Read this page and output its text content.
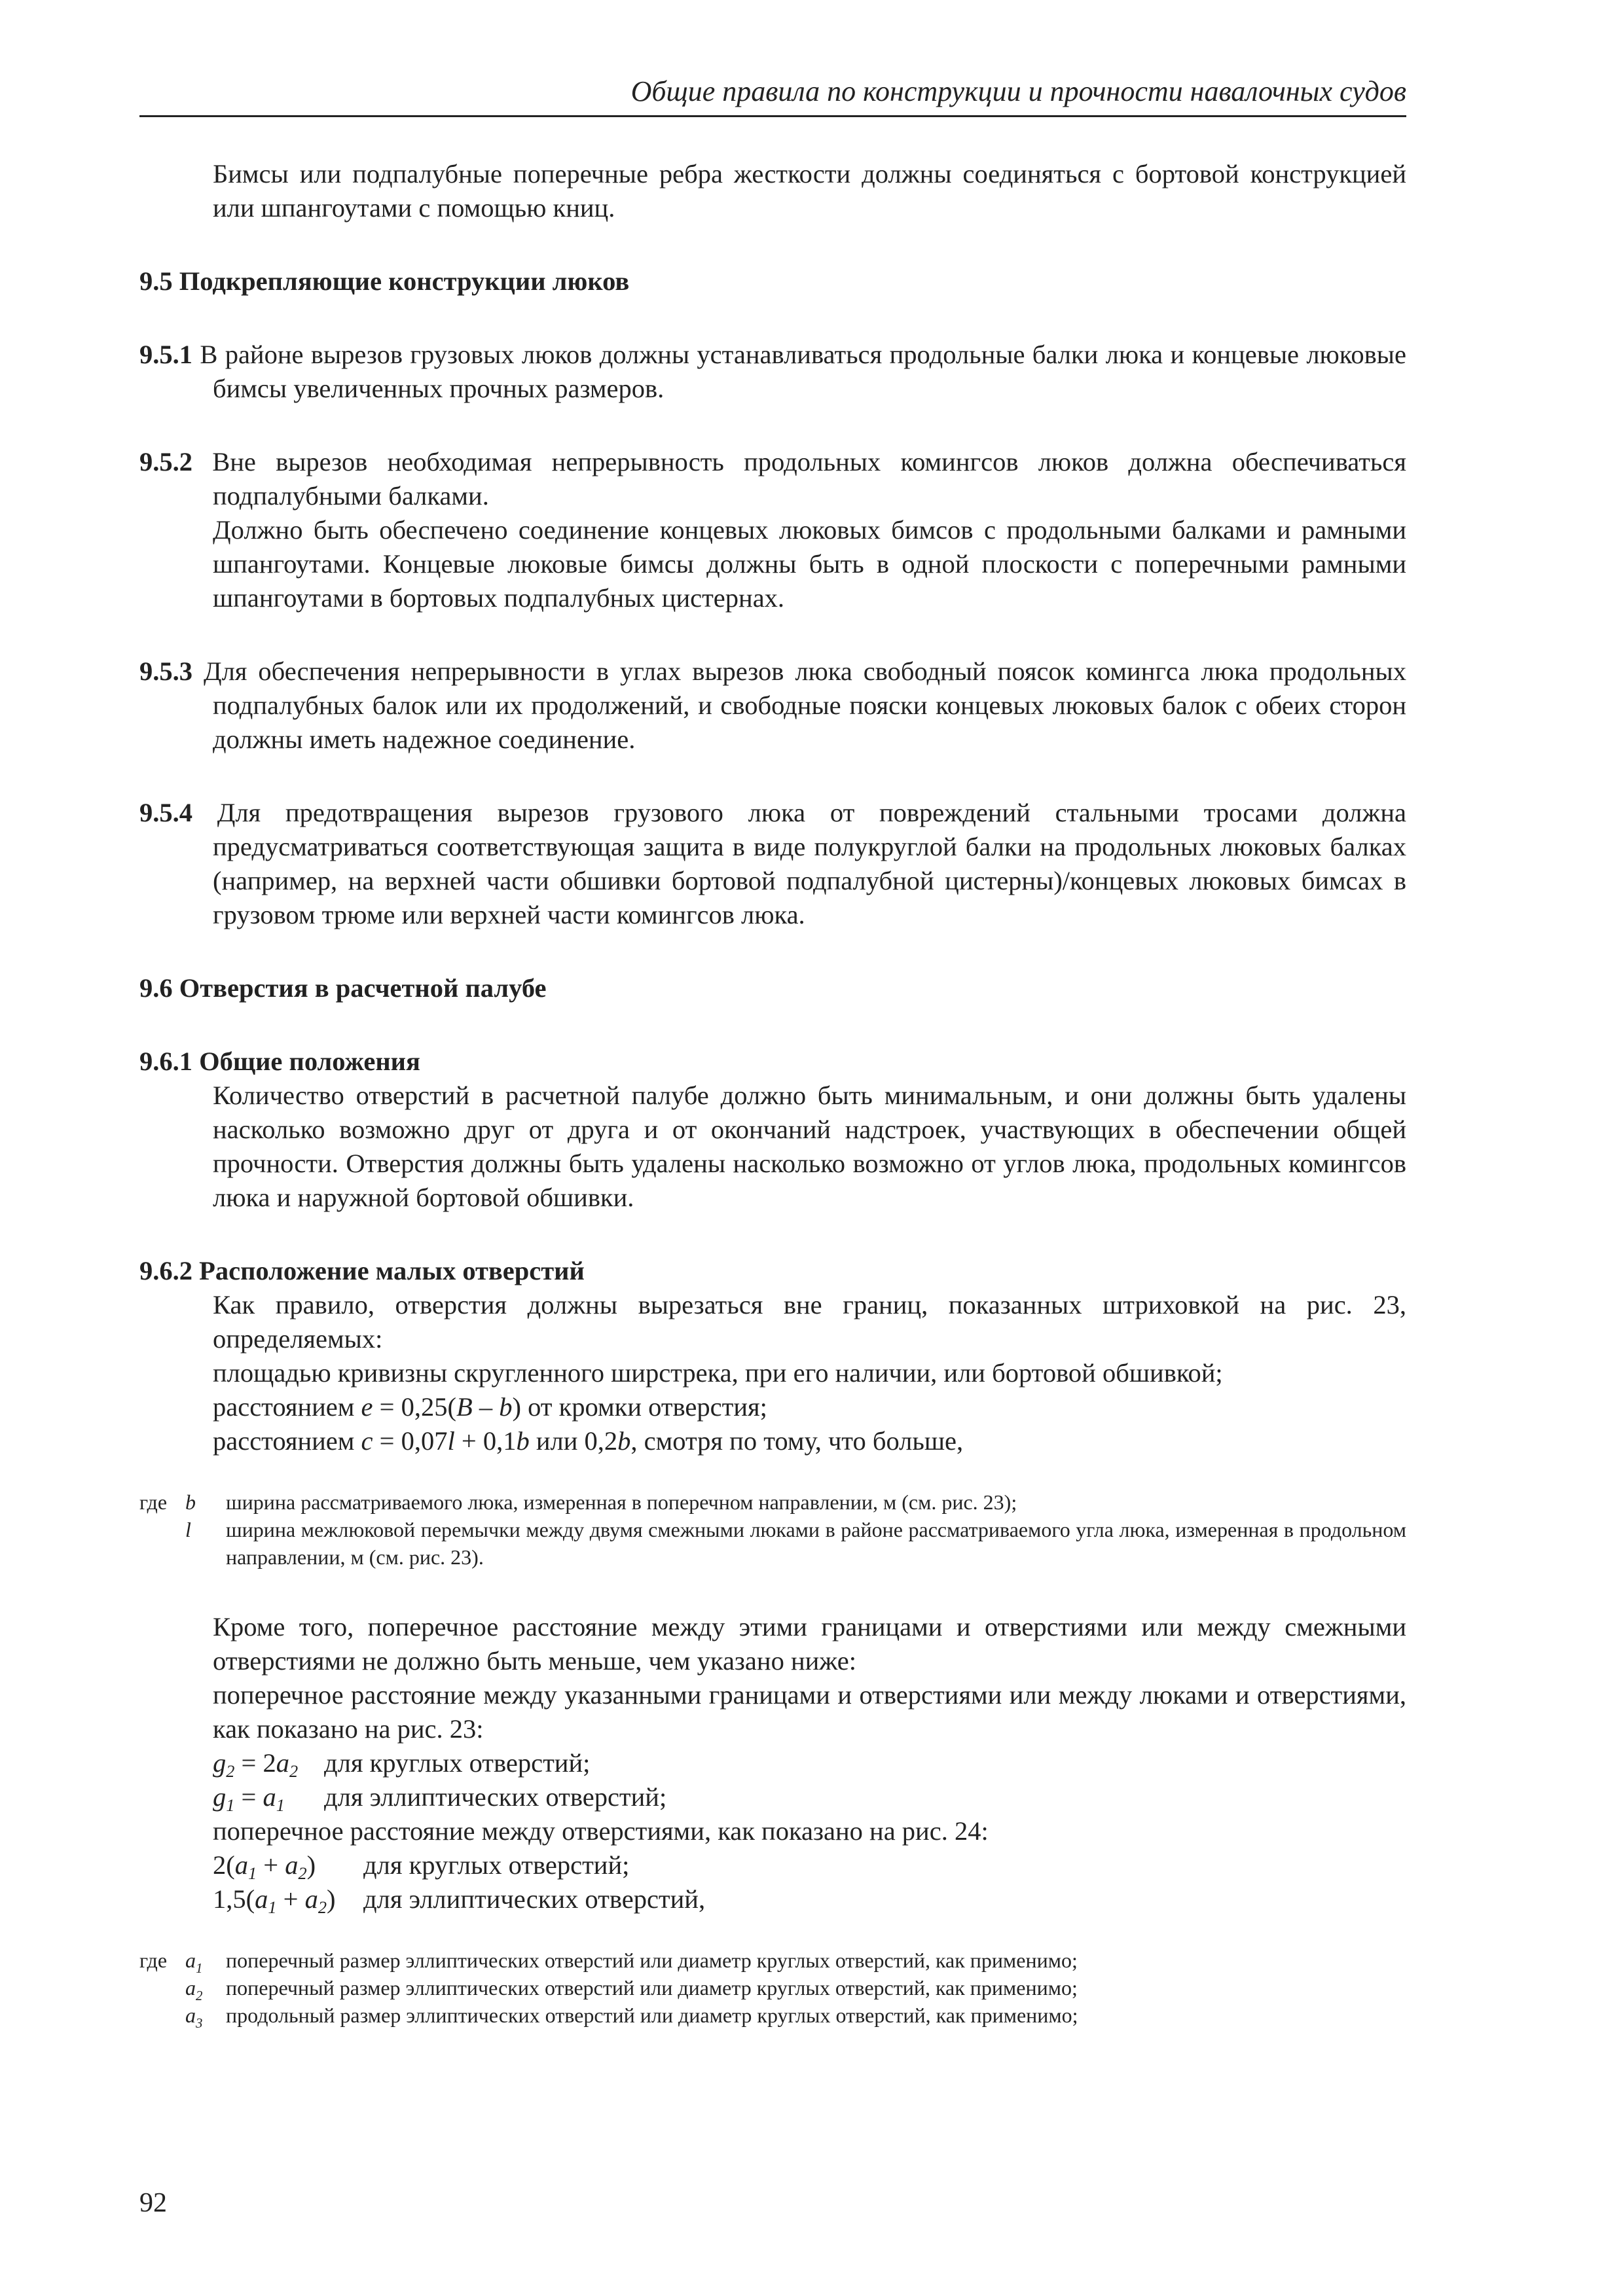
Общие правила по конструкции и прочности навалочных судов

Бимсы или подпалубные поперечные ребра жесткости должны соединяться с бортовой конструкцией или шпангоутами с помощью книц.

9.5 Подкрепляющие конструкции люков

9.5.1 В районе вырезов грузовых люков должны устанавливаться продольные балки люка и концевые люковые бимсы увеличенных прочных размеров.

9.5.2 Вне вырезов необходимая непрерывность продольных комингсов люков должна обеспечиваться подпалубными балками.

Должно быть обеспечено соединение концевых люковых бимсов с продольными балками и рамными шпангоутами. Концевые люковые бимсы должны быть в одной плоскости с поперечными рамными шпангоутами в бортовых подпалубных цистернах.

9.5.3 Для обеспечения непрерывности в углах вырезов люка свободный поясок комингса люка продольных подпалубных балок или их продолжений, и свободные пояски концевых люковых балок с обеих сторон должны иметь надежное соединение.

9.5.4 Для предотвращения вырезов грузового люка от повреждений стальными тросами должна предусматриваться соответствующая защита в виде полукруглой балки на продольных люковых балках (например, на верхней части обшивки бортовой подпалубной цистерны)/концевых люковых бимсах в грузовом трюме или верхней части комингсов люка.

9.6 Отверстия в расчетной палубе

9.6.1 Общие положения

Количество отверстий в расчетной палубе должно быть минимальным, и они должны быть удалены насколько возможно друг от друга и от окончаний надстроек, участвующих в обеспечении общей прочности. Отверстия должны быть удалены насколько возможно от углов люка, продольных комингсов люка и наружной бортовой обшивки.

9.6.2 Расположение малых отверстий

Как правило, отверстия должны вырезаться вне границ, показанных штриховкой на рис. 23, определяемых:

площадью кривизны скругленного ширстрека, при его наличии, или бортовой обшивкой;

расстоянием e = 0,25(B – b) от кромки отверстия;

расстоянием c = 0,07l + 0,1b или 0,2b, смотря по тому, что больше,

где b	ширина рассматриваемого люка, измеренная в поперечном направлении, м (см. рис. 23);
l	ширина межлюковой перемычки между двумя смежными люками в районе рассматриваемого угла люка, измеренная в продольном направлении, м (см. рис. 23).

Кроме того, поперечное расстояние между этими границами и отверстиями или между смежными отверстиями не должно быть меньше, чем указано ниже:

поперечное расстояние между указанными границами и отверстиями или между люками и отверстиями, как показано на рис. 23:

$g_2 = 2a_2$ для круглых отверстий;
$g_1 = a_1$	для эллиптических отверстий;

поперечное расстояние между отверстиями, как показано на рис. 24:

$2(a_1 + a_2)$	для круглых отверстий;
$1,5(a_1 + a_2)$	для эллиптических отверстий,
где $a_1$	поперечный размер эллиптических отверстий или диаметр круглых отверстий, как применимо;
$a_2$	поперечный размер эллиптических отверстий или диаметр круглых отверстий, как применимо;
$a_3$	продольный размер эллиптических отверстий или диаметр круглых отверстий, как применимо;
92
